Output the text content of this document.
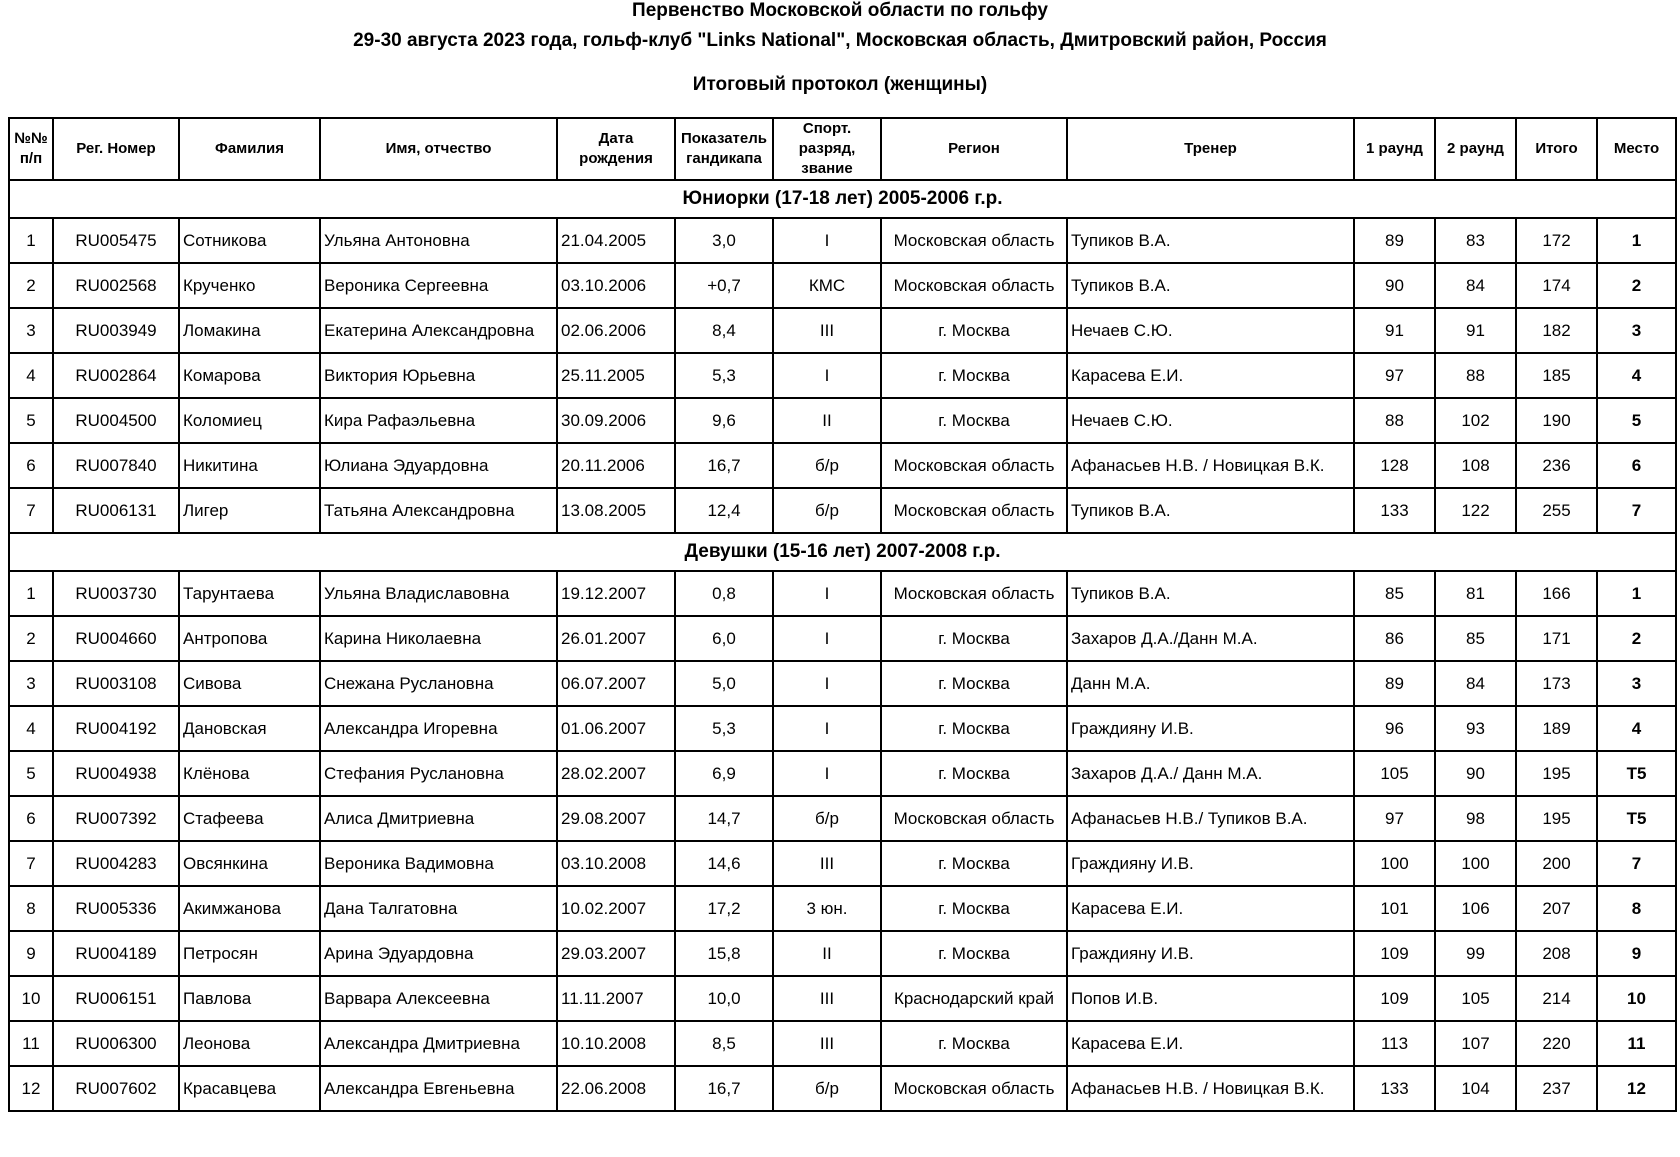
Первенство Московской области по гольфу
29-30 августа 2023 года, гольф-клуб "Links National", Московская область, Дмитровский район, Россия
Итоговый протокол (женщины)
№№ п/п	Рег. Номер	Фамилия	Имя, отчество	Дата рождения	Показатель гандикапа	Спорт. разряд, звание	Регион	Тренер	1 раунд	2 раунд	Итого	Место
Юниорки (17-18 лет) 2005-2006 г.р.												
1	RU005475	Сотникова	Ульяна Антоновна	21.04.2005	3,0	I	Московская область	Тупиков В.А.	89	83	172	1
2	RU002568	Крученко	Вероника Сергеевна	03.10.2006	+0,7	КМС	Московская область	Тупиков В.А.	90	84	174	2
3	RU003949	Ломакина	Екатерина Александровна	02.06.2006	8,4	III	г. Москва	Нечаев С.Ю.	91	91	182	3
4	RU002864	Комарова	Виктория Юрьевна	25.11.2005	5,3	I	г. Москва	Карасева Е.И.	97	88	185	4
5	RU004500	Коломиец	Кира Рафаэльевна	30.09.2006	9,6	II	г. Москва	Нечаев С.Ю.	88	102	190	5
6	RU007840	Никитина	Юлиана Эдуардовна	20.11.2006	16,7	б/р	Московская область	Афанасьев Н.В. / Новицкая В.К.	128	108	236	6
7	RU006131	Лигер	Татьяна Александровна	13.08.2005	12,4	б/р	Московская область	Тупиков В.А.	133	122	255	7
Девушки (15-16 лет) 2007-2008 г.р.												
1	RU003730	Тарунтаева	Ульяна Владиславовна	19.12.2007	0,8	I	Московская область	Тупиков В.А.	85	81	166	1
2	RU004660	Антропова	Карина Николаевна	26.01.2007	6,0	I	г. Москва	Захаров Д.А./Данн М.А.	86	85	171	2
3	RU003108	Сивова	Снежана Руслановна	06.07.2007	5,0	I	г. Москва	Данн М.А.	89	84	173	3
4	RU004192	Дановская	Александра Игоревна	01.06.2007	5,3	I	г. Москва	Граждияну И.В.	96	93	189	4
5	RU004938	Клёнова	Стефания Руслановна	28.02.2007	6,9	I	г. Москва	Захаров Д.А./ Данн М.А.	105	90	195	T5
6	RU007392	Стафеева	Алиса Дмитриевна	29.08.2007	14,7	б/р	Московская область	Афанасьев Н.В./ Тупиков В.А.	97	98	195	T5
7	RU004283	Овсянкина	Вероника Вадимовна	03.10.2008	14,6	III	г. Москва	Граждияну И.В.	100	100	200	7
8	RU005336	Акимжанова	Дана Талгатовна	10.02.2007	17,2	3 юн.	г. Москва	Карасева Е.И.	101	106	207	8
9	RU004189	Петросян	Арина Эдуардовна	29.03.2007	15,8	II	г. Москва	Граждияну И.В.	109	99	208	9
10	RU006151	Павлова	Варвара Алексеевна	11.11.2007	10,0	III	Краснодарский край	Попов И.В.	109	105	214	10
11	RU006300	Леонова	Александра Дмитриевна	10.10.2008	8,5	III	г. Москва	Карасева Е.И.	113	107	220	11
12	RU007602	Красавцева	Александра Евгеньевна	22.06.2008	16,7	б/р	Московская область	Афанасьев Н.В. / Новицкая В.К.	133	104	237	12
